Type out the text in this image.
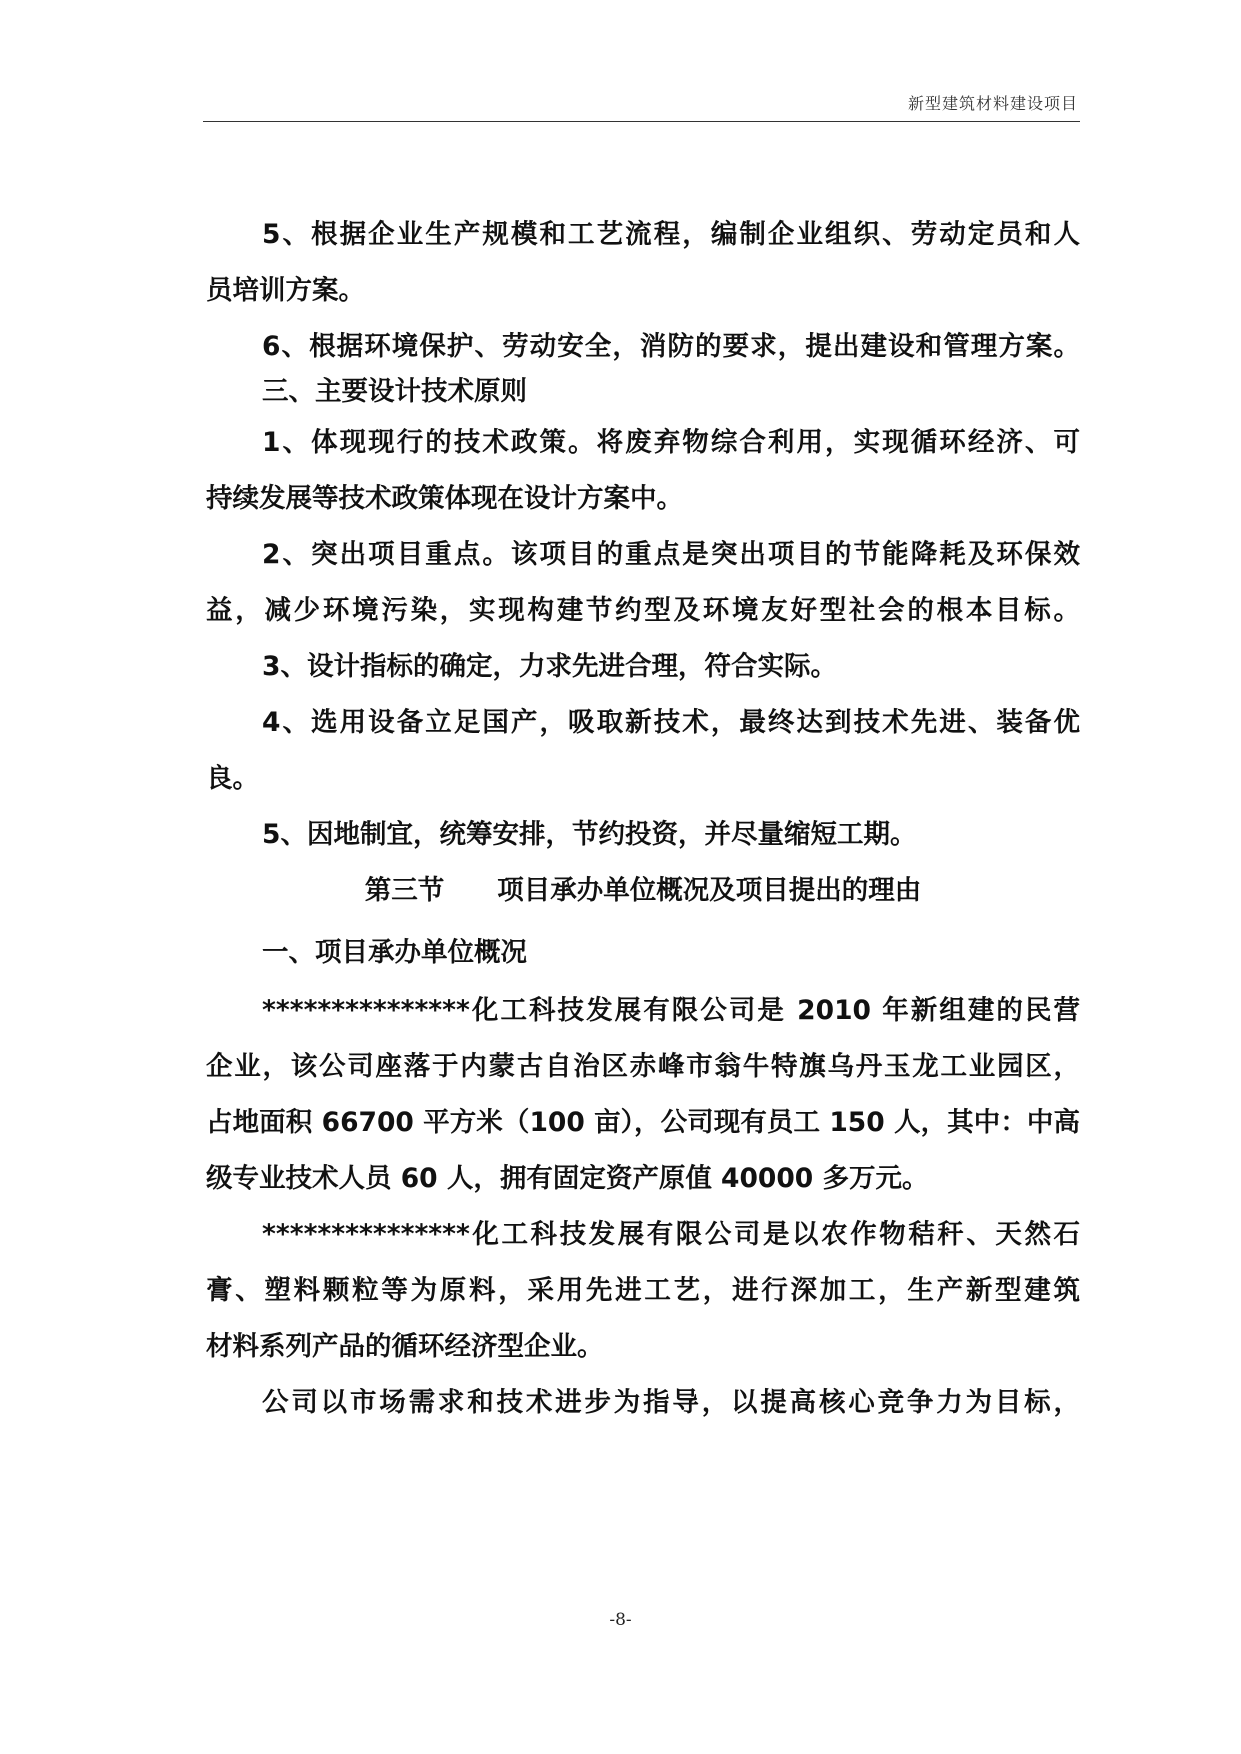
新型建筑材料建设项目
5、根据企业生产规模和工艺流程，编制企业组织、劳动定员和人
员培训方案。
6、根据环境保护、劳动安全，消防的要求，提出建设和管理方案。
三、主要设计技术原则
1、体现现行的技术政策。将废弃物综合利用，实现循环经济、可
持续发展等技术政策体现在设计方案中。
2、突出项目重点。该项目的重点是突出项目的节能降耗及环保效
益，减少环境污染，实现构建节约型及环境友好型社会的根本目标。
3、设计指标的确定，力求先进合理，符合实际。
4、选用设备立足国产，吸取新技术，最终达到技术先进、装备优
良。
5、因地制宜，统筹安排，节约投资，并尽量缩短工期。
第三节　　项目承办单位概况及项目提出的理由
一、项目承办单位概况
***************化工科技发展有限公司是 2010 年新组建的民营
企业，该公司座落于内蒙古自治区赤峰市翁牛特旗乌丹玉龙工业园区，
占地面积 66700 平方米（100 亩），公司现有员工 150 人，其中：中高
级专业技术人员 60 人，拥有固定资产原值 40000 多万元。
***************化工科技发展有限公司是以农作物秸秆、天然石
膏、塑料颗粒等为原料，采用先进工艺，进行深加工，生产新型建筑
材料系列产品的循环经济型企业。
公司以市场需求和技术进步为指导，以提高核心竞争力为目标，
-8-
